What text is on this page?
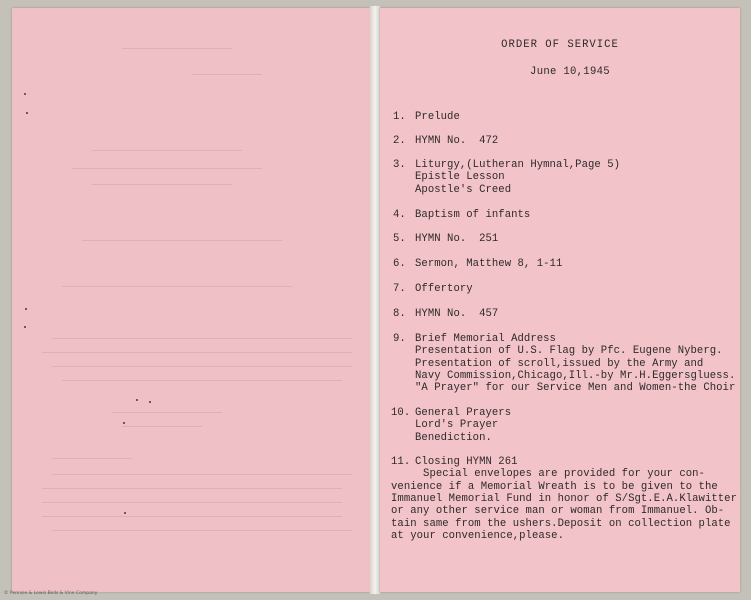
ORDER OF SERVICE
June 10,1945
1. Prelude
2. HYMN No.  472
3. Liturgy,(Lutheran Hymnal,Page 5)
Epistle Lesson
Apostle's Creed
4. Baptism of infants
5. HYMN No.  251
6. Sermon, Matthew 8, 1-11
7. Offertory
8. HYMN No.  457
9. Brief Memorial Address
Presentation of U.S. Flag by Pfc. Eugene Nyberg.
Presentation of scroll,issued by the Army and
Navy Commission,Chicago,Ill.-by Mr.H.Eggersgluess.
"A Prayer" for our Service Men and Women-the Choir
10. General Prayers
Lord's Prayer
Benediction.
11. Closing HYMN 261
Special envelopes are provided for your con-
venience if a Memorial Wreath is to be given to the
Immanuel Memorial Fund in honor of S/Sgt.E.A.Klawitter
or any other service man or woman from Immanuel. Ob-
tain same from the ushers.Deposit on collection plate
at your convenience,please.
© Pennsie & Lewis Bells & Vine Company
